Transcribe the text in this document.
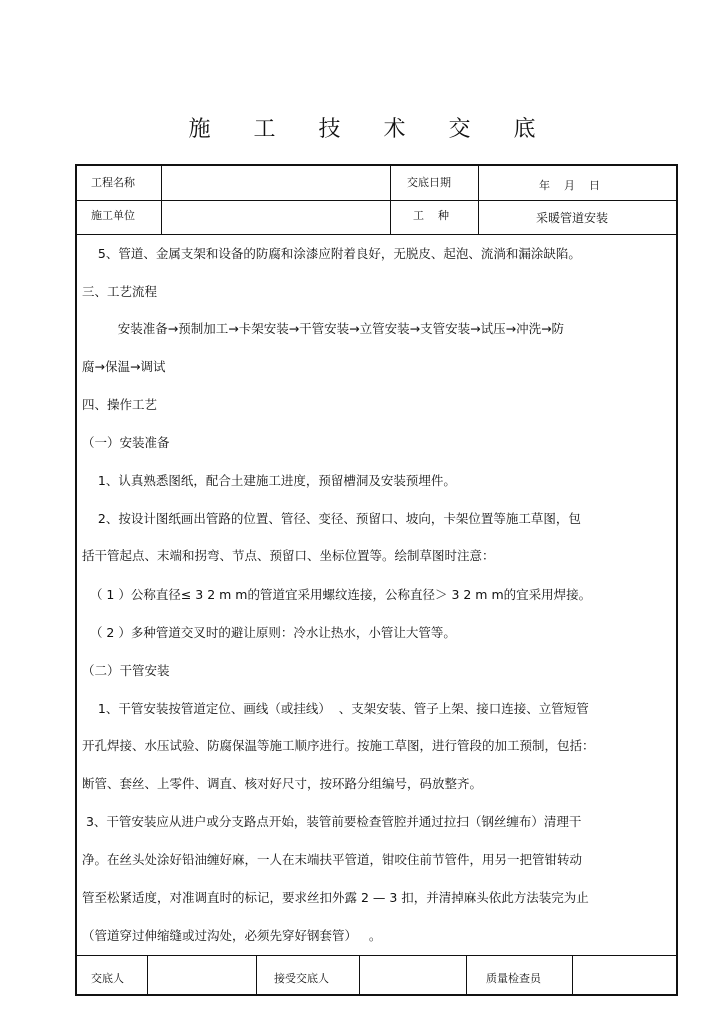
施 工 技 术 交 底
工程名称	交底日期	年    月    日
施工单位	工    种	采暖管道安装
交底人	接受交底人	质量检查员
5、管道、金属支架和设备的防腐和涂漆应附着良好，无脱皮、起泡、流淌和漏涂缺陷。
三、工艺流程
安装准备→预制加工→卡架安装→干管安装→立管安装→支管安装→试压→冲洗→防
腐→保温→调试
四、操作工艺
（一）安装准备
1、认真熟悉图纸，配合土建施工进度，预留槽洞及安装预埋件。
2、按设计图纸画出管路的位置、管径、变径、预留口、坡向，卡架位置等施工草图，包
括干管起点、末端和拐弯、节点、预留口、坐标位置等。绘制草图时注意：
（ 1 ）公称直径≤ 3 2 m m的管道宜采用螺纹连接，公称直径＞ 3 2 m m的宜采用焊接。
（ 2 ）多种管道交叉时的避让原则：冷水让热水，小管让大管等。
（二）干管安装
1、干管安装按管道定位、画线（或挂线）  、支架安装、管子上架、接口连接、立管短管
开孔焊接、水压试验、防腐保温等施工顺序进行。按施工草图，进行管段的加工预制，包括：
断管、套丝、上零件、调直、核对好尺寸，按环路分组编号，码放整齐。
3、干管安装应从进户或分支路点开始，装管前要检查管腔并通过拉扫（钢丝缠布）清理干
净。在丝头处涂好铅油缠好麻，一人在末端扶平管道，钳咬住前节管件，用另一把管钳转动
管至松紧适度，对准调直时的标记，要求丝扣外露 2 — 3 扣，并清掉麻头依此方法装完为止
（管道穿过伸缩缝或过沟处，必须先穿好钢套管）   。
